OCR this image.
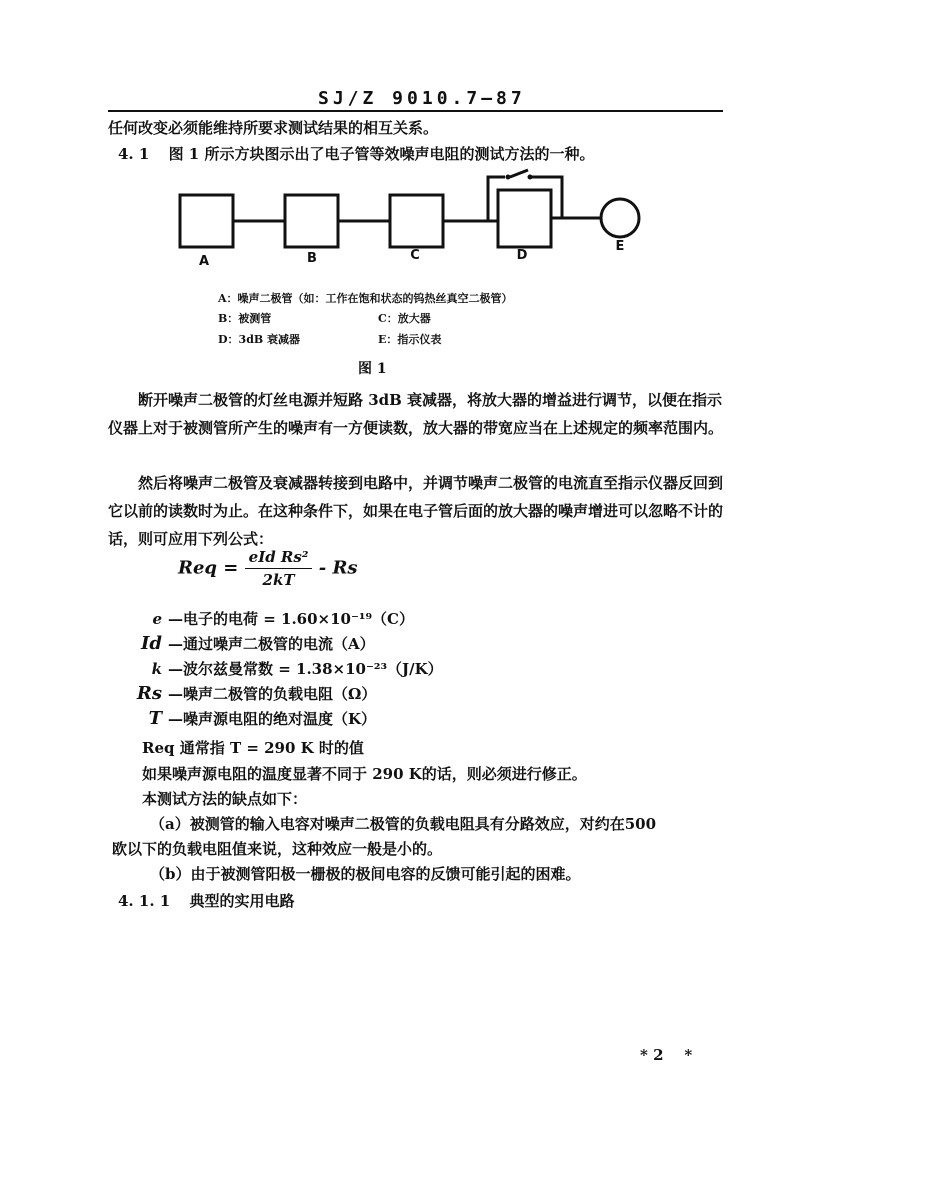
SJ/Z 9010.7—87
任何改变必须能维持所要求测试结果的相互关系。
4. 1 图 1 所示方块图示出了电子管等效噪声电阻的测试方法的一种。
A	B	C	D
E
A：噪声二极管（如：工作在饱和状态的钨热丝真空二极管）
B：被测管	C：放大器
D：3dB 衰减器	E：指示仪表
图 1
断开噪声二极管的灯丝电源并短路 3dB 衰减器，将放大器的增益进行调节，以便在指示仪器上对于被测管所产生的噪声有一方便读数，放大器的带宽应当在上述规定的频率范围内。
然后将噪声二极管及衰减器转接到电路中，并调节噪声二极管的电流直至指示仪器反回到它以前的读数时为止。在这种条件下，如果在电子管后面的放大器的噪声增进可以忽略不计的话，则可应用下列公式：
Req = $\frac{\text{eId Rs²}}{2kT}$ - Rs
e —电子的电荷 = 1.60×10⁻¹⁹（C）
Id —通过噪声二极管的电流（A）
k —波尔兹曼常数 = 1.38×10⁻²³（J/K）
Rs —噪声二极管的负载电阻（Ω）
T —噪声源电阻的绝对温度（K）
Req 通常指 T = 290 K 时的值
如果噪声源电阻的温度显著不同于 290 K的话，则必须进行修正。
本测试方法的缺点如下：
（a）被测管的输入电容对噪声二极管的负载电阻具有分路效应，对约在500
欧以下的负载电阻值来说，这种效应一般是小的。
（b）由于被测管阳极一栅极的极间电容的反馈可能引起的困难。
4. 1. 1 典型的实用电路
* 2    *
